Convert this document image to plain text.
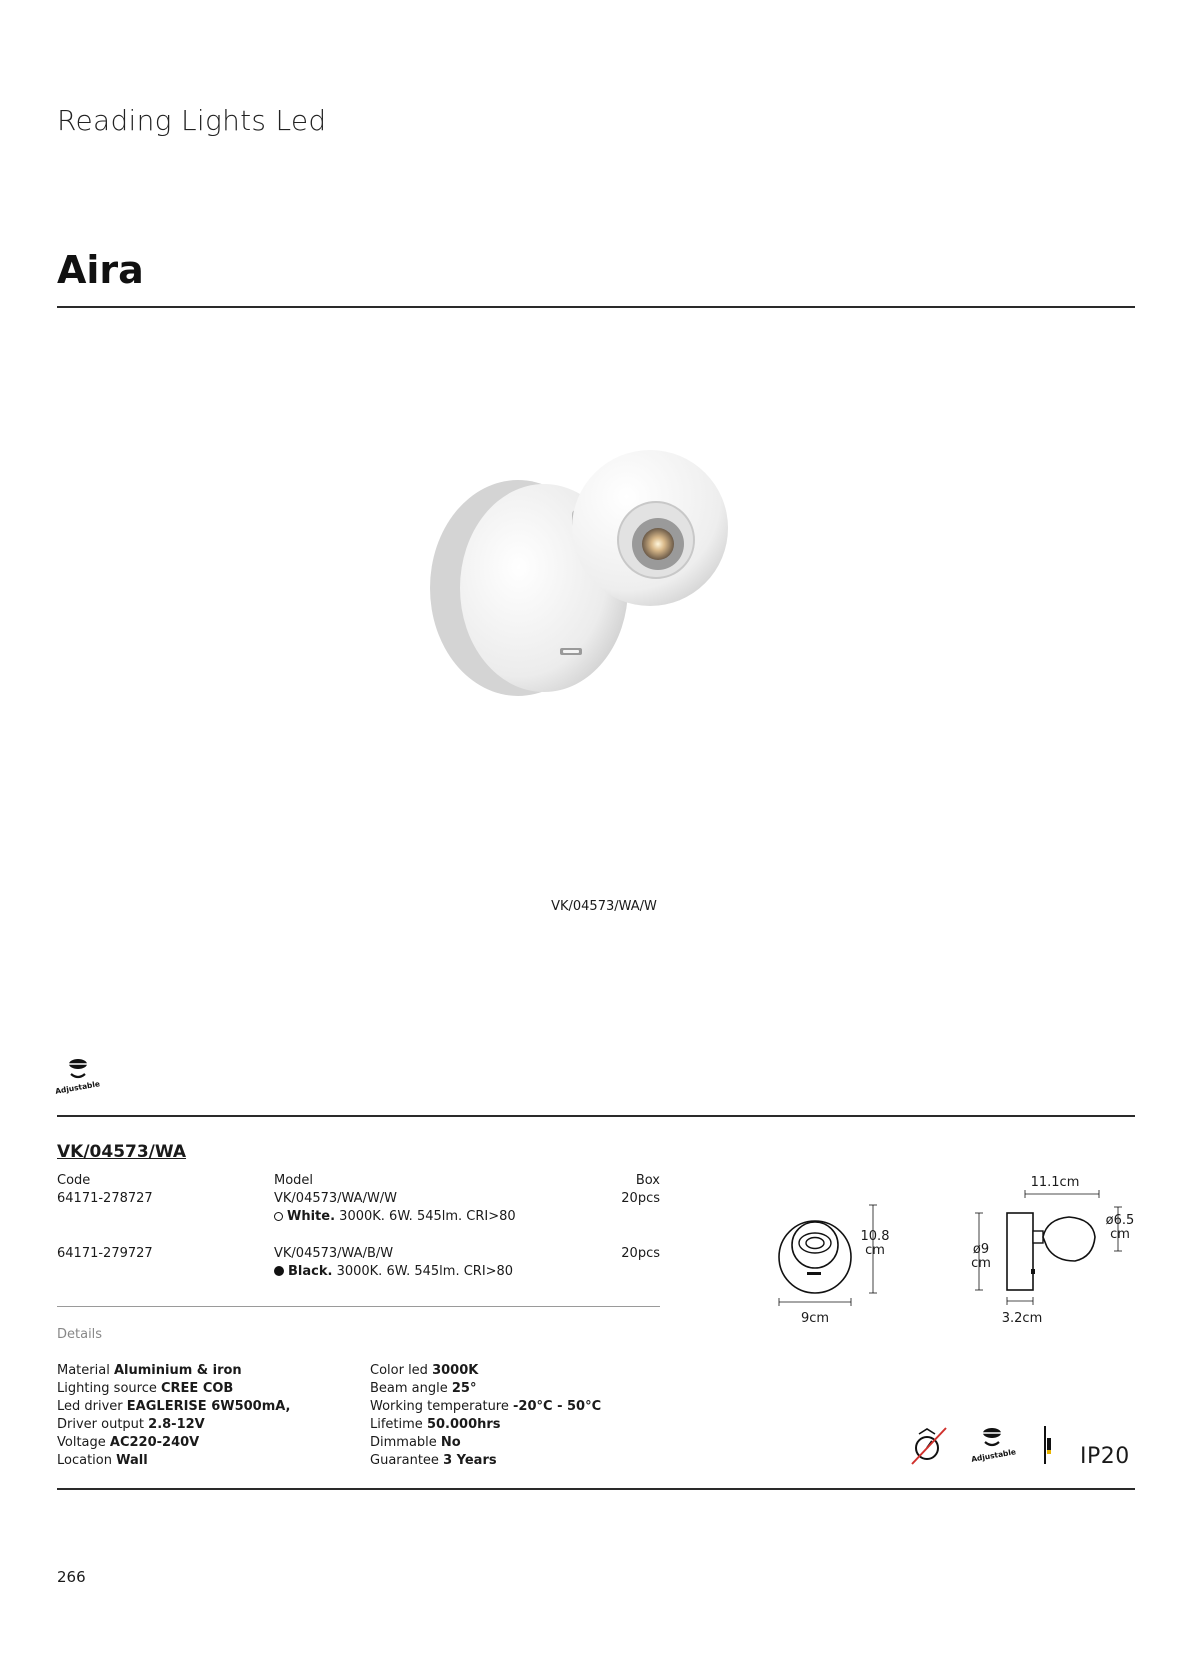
Reading Lights Led
Aira
VK/04573/WA/W
Adjustable
VK/04573/WA
Code	Model	Box
64171-278727	VK/04573/WA/W/W	20pcs
White. 3000K. 6W. 545lm. CRI>80
64171-279727	VK/04573/WA/B/W	20pcs
Black. 3000K. 6W. 545lm. CRI>80
10.8
cm
9cm
11.1cm
ø9
cm
ø6.5
cm
3.2cm
Details
Material Aluminium & iron
Lighting source CREE COB
Led driver EAGLERISE 6W500mA,
Driver output 2.8-12V
Voltage AC220-240V
Location Wall
Color led 3000K
Beam angle 25°
Working temperature -20°C - 50°C
Lifetime 50.000hrs
Dimmable No
Guarantee 3 Years	Adjustable	IP20
266
